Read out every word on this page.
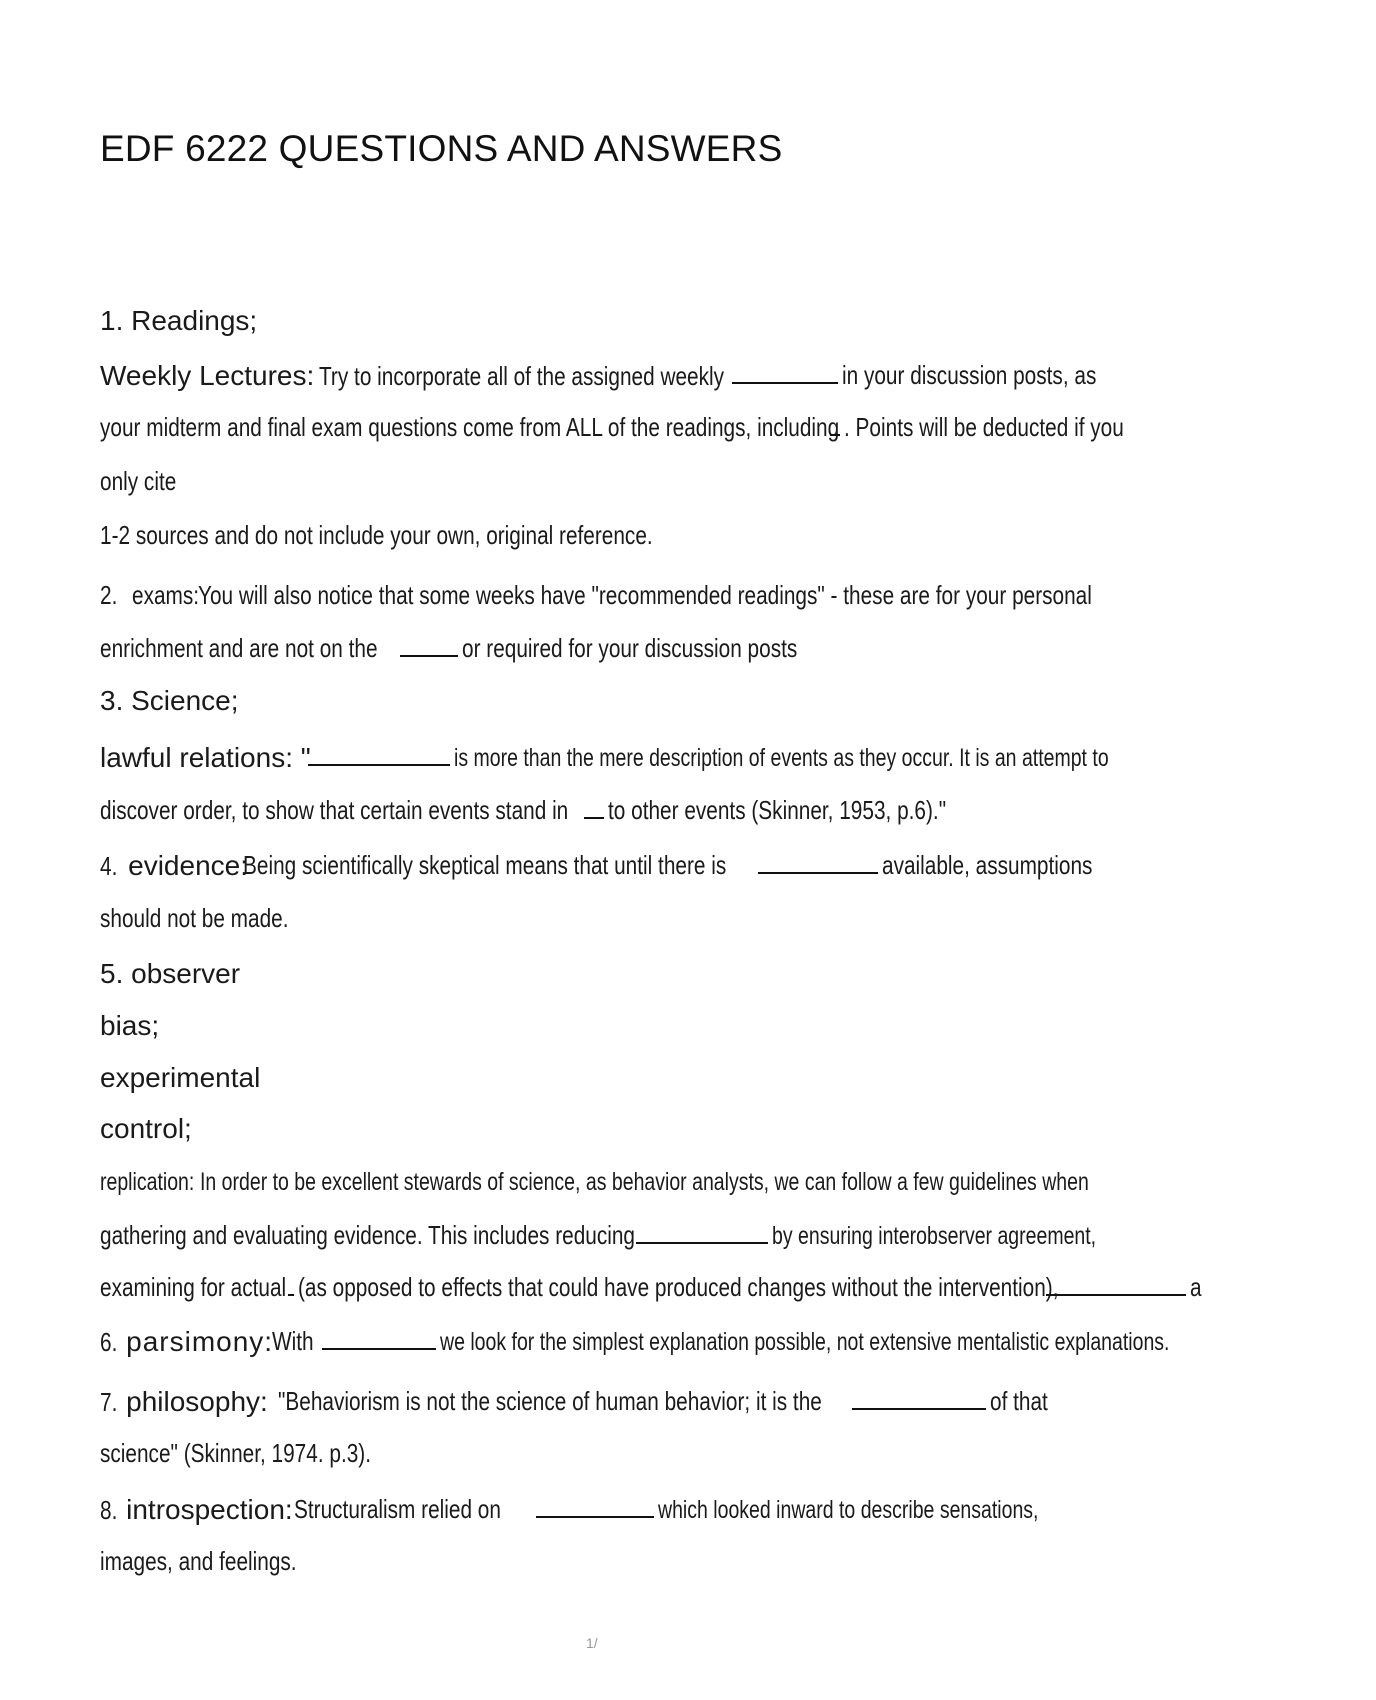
EDF 6222 QUESTIONS AND ANSWERS
1. Readings;
Weekly Lectures: Try to incorporate all of the assigned weekly	in your discussion posts, as
your midterm and final exam questions come from ALL of the readings, including . Points will be deducted if you
only cite
1-2 sources and do not include your own, original reference.
2. exams:
You will also notice that some weeks have "recommended readings" - these are for your personal
enrichment and are not on the	or required for your discussion posts
3. Science;
lawful relations: "	is more than the mere description of events as they occur. It is an attempt to
discover order, to show that certain events stand in	to other events (Skinner, 1953, p.6)."
4. evidence:
Being scientifically skeptical means that until there is	available, assumptions
should not be made.
5. observer
bias;
experimental
control;
replication: In order to be excellent stewards of science, as behavior analysts, we can follow a few guidelines when
gathering and evaluating evidence. This includes reducing	by ensuring interobserver agreement,
examining for actual (as opposed to effects that could have produced changes without the intervention),	a
6. parsimony:
With	we look for the simplest explanation possible, not extensive mentalistic explanations.
7. philosophy: "Behaviorism is not the science of human behavior; it is the	of that
science" (Skinner, 1974. p.3).
8. introspection: Structuralism relied on	which looked inward to describe sensations,
images, and feelings.
1/
